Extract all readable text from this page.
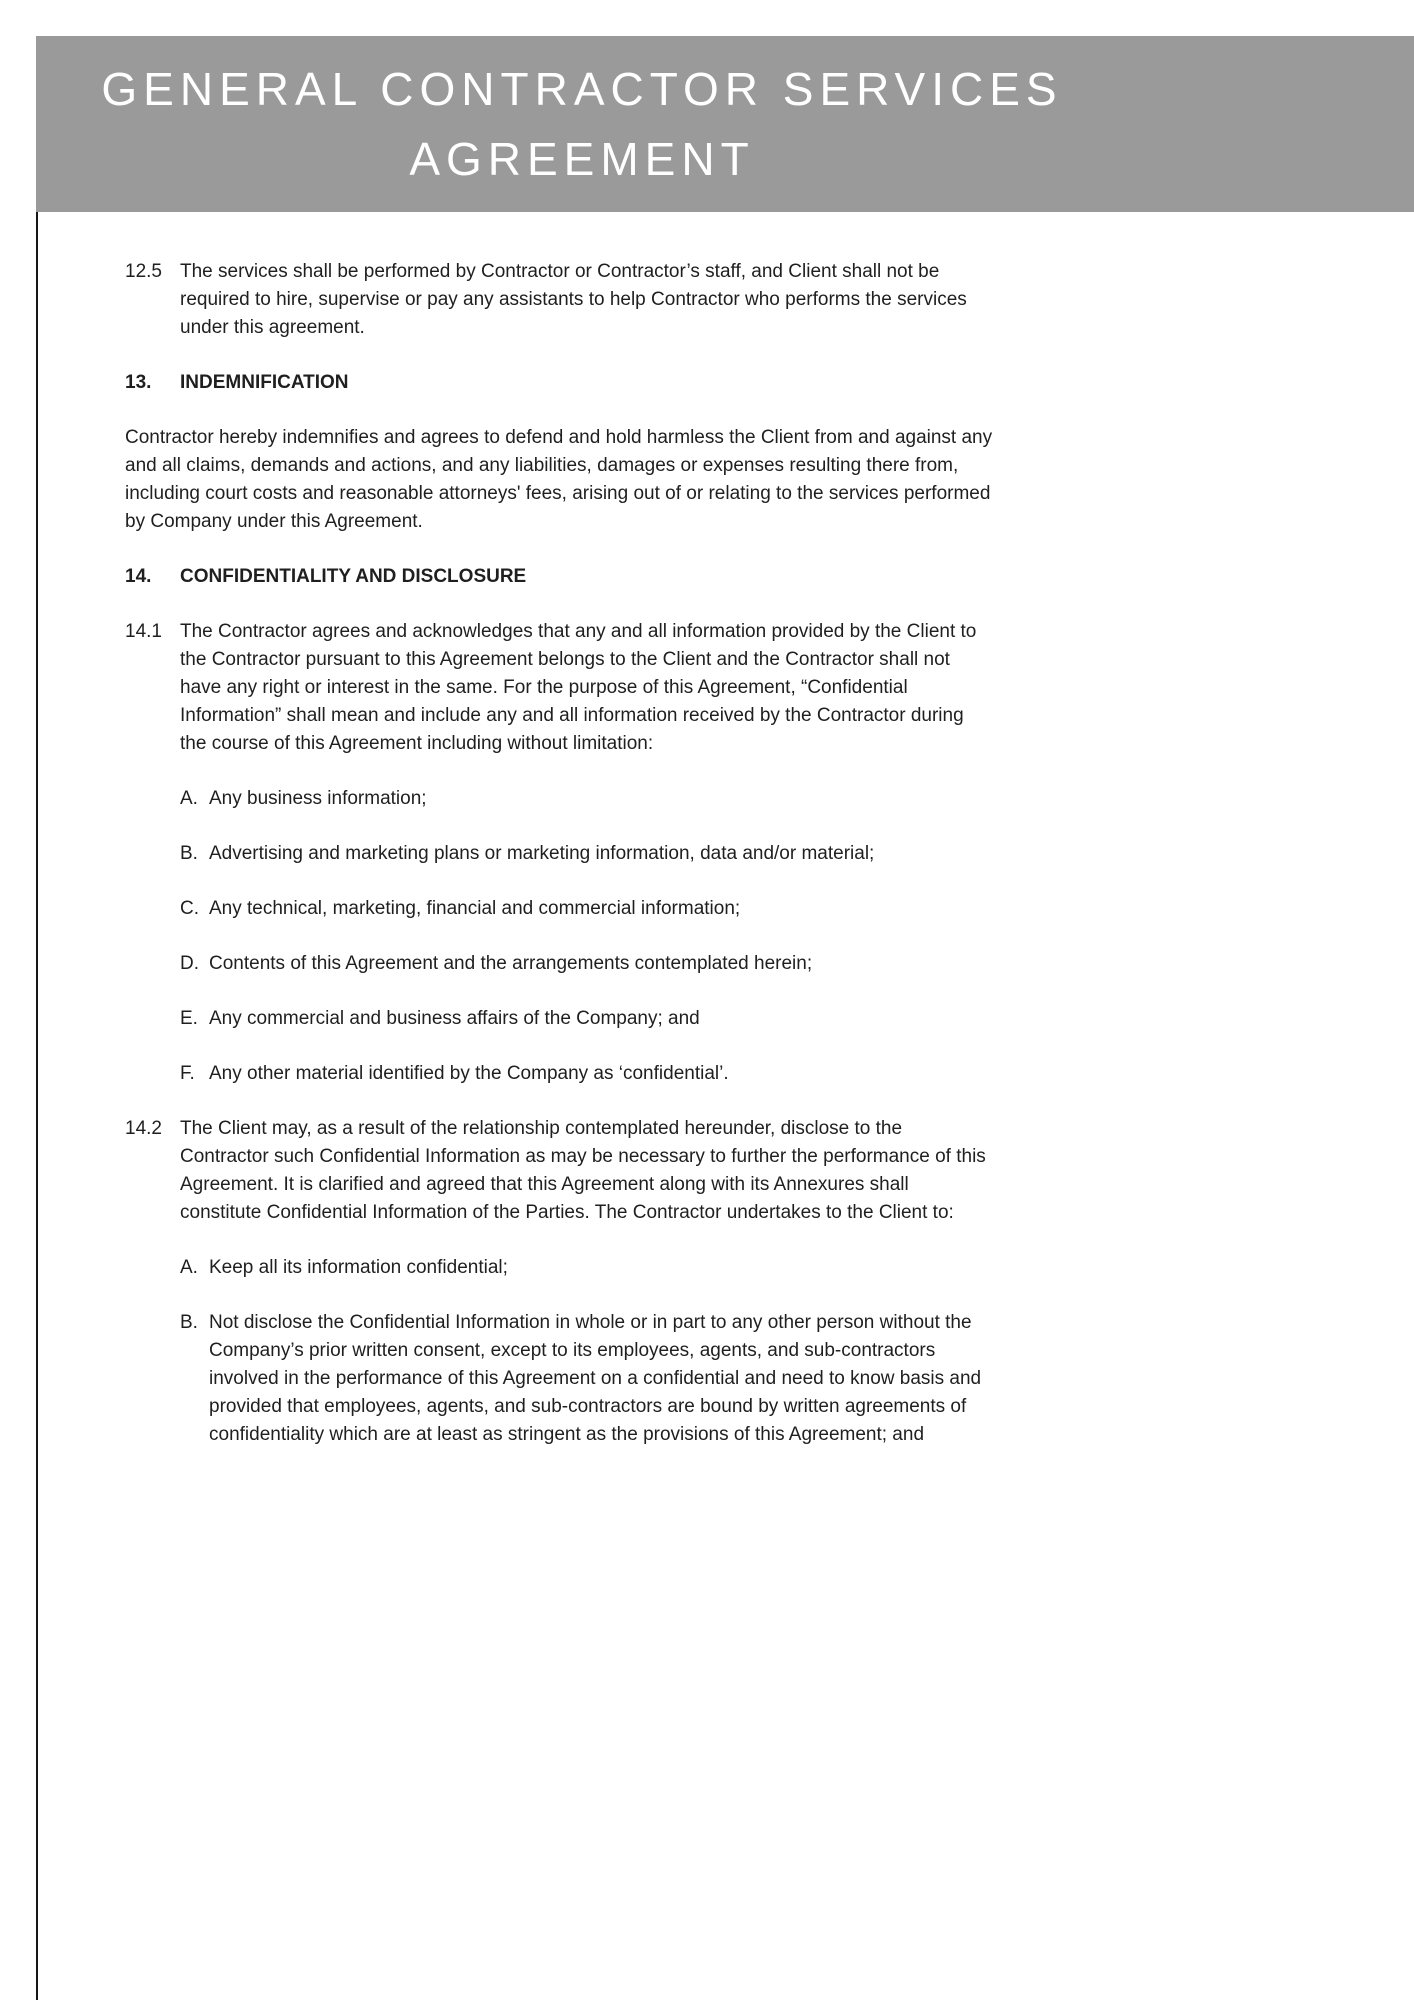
GENERAL CONTRACTOR SERVICES AGREEMENT
12.5 The services shall be performed by Contractor or Contractor’s staff, and Client shall not be required to hire, supervise or pay any assistants to help Contractor who performs the services under this agreement.
13.	INDEMNIFICATION

Contractor hereby indemnifies and agrees to defend and hold harmless the Client from and against any and all claims, demands and actions, and any liabilities, damages or expenses resulting there from, including court costs and reasonable attorneys' fees, arising out of or relating to the services performed by Company under this Agreement.

14.	CONFIDENTIALITY AND DISCLOSURE
14.1 The Contractor agrees and acknowledges that any and all information provided by the Client to the Contractor pursuant to this Agreement belongs to the Client and the Contractor shall not have any right or interest in the same. For the purpose of this Agreement, “Confidential Information” shall mean and include any and all information received by the Contractor during the course of this Agreement including without limitation:
A. Any business information;
B. Advertising and marketing plans or marketing information, data and/or material;
C. Any technical, marketing, financial and commercial information;
D. Contents of this Agreement and the arrangements contemplated herein;
E. Any commercial and business affairs of the Company; and
F. Any other material identified by the Company as ‘confidential’.
14.2 The Client may, as a result of the relationship contemplated hereunder, disclose to the Contractor such Confidential Information as may be necessary to further the performance of this Agreement. It is clarified and agreed that this Agreement along with its Annexures shall constitute Confidential Information of the Parties. The Contractor undertakes to the Client to:
A. Keep all its information confidential;
B. Not disclose the Confidential Information in whole or in part to any other person without the Company’s prior written consent, except to its employees, agents, and sub-contractors involved in the performance of this Agreement on a confidential and need to know basis and provided that employees, agents, and sub-contractors are bound by written agreements of confidentiality which are at least as stringent as the provisions of this Agreement; and
